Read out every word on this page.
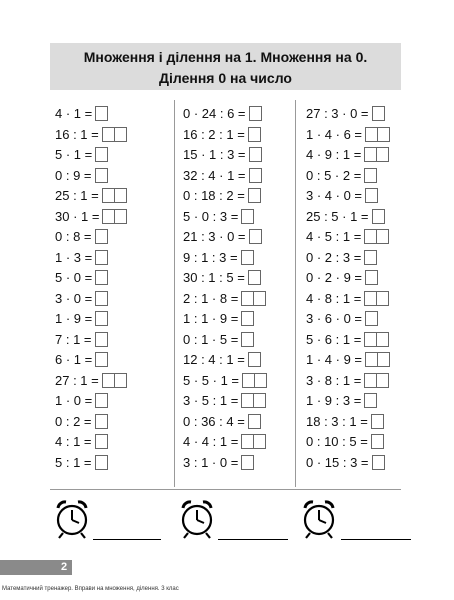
Множення і ділення на 1. Множення на 0.
Ділення 0 на число
4 · 1 =
16 : 1 =
5 · 1 =
0 : 9 =
25 : 1 =
30 · 1 =
0 : 8 =
1 · 3 =
5 · 0 =
3 · 0 =
1 · 9 =
7 : 1 =
6 · 1 =
27 : 1 =
1 · 0 =
0 : 2 =
4 : 1 =
5 : 1 =
0 · 24 : 6 =
16 : 2 : 1 =
15 · 1 : 3 =
32 : 4 · 1 =
0 : 18 : 2 =
5 · 0 : 3 =
21 : 3 · 0 =
9 : 1 : 3 =
30 : 1 : 5 =
2 : 1 · 8 =
1 : 1 · 9 =
0 : 1 · 5 =
12 : 4 : 1 =
5 · 5 · 1 =
3 · 5 : 1 =
0 : 36 : 4 =
4 · 4 : 1 =
3 : 1 · 0 =
27 : 3 · 0 =
1 · 4 · 6 =
4 · 9 : 1 =
0 : 5 · 2 =
3 · 4 · 0 =
25 : 5 · 1 =
4 · 5 : 1 =
0 · 2 : 3 =
0 · 2 · 9 =
4 · 8 : 1 =
3 · 6 · 0 =
5 · 6 : 1 =
1 · 4 · 9 =
3 · 8 : 1 =
1 · 9 : 3 =
18 : 3 : 1 =
0 : 10 : 5 =
0 · 15 : 3 =
2
Математичний тренажер. Вправи на множення, ділення. 3 клас
